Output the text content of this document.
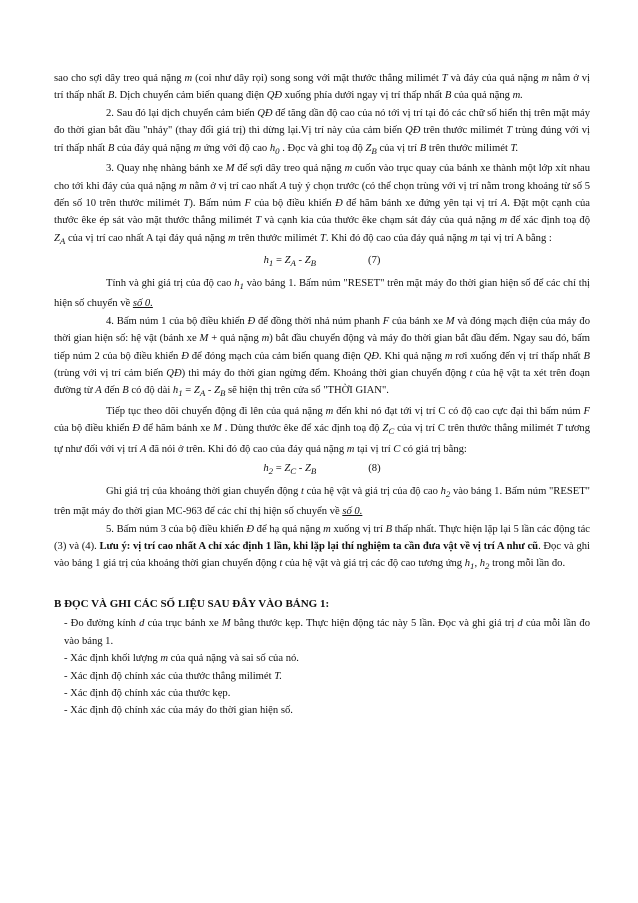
sao cho sợi dây treo quả nặng m (coi như dây rọi) song song với mặt thước thẳng milimét T và đáy của quả nặng m nằm ở vị trí thấp nhất B. Dịch chuyển cảm biến quang điện QĐ xuống phía dưới ngay vị trí thấp nhất B của quả nặng m.

2. Sau đó lại dịch chuyển cảm biến QĐ để tăng dần độ cao của nó tới vị trí tại đó các chữ số hiển thị trên mặt máy đo thời gian bắt đầu "nhảy" (thay đổi giá trị) thì dừng lại.Vị trí này của cảm biến QĐ trên thước milimét T trùng đúng với vị trí thấp nhất B của đáy quả nặng m ứng với độ cao $h_0$ . Đọc và ghi toạ độ $Z_B$ của vị trí B trên thước milimét T.

3. Quay nhẹ nhàng bánh xe M để sợi dây treo quả nặng m cuốn vào trục quay của bánh xe thành một lớp xít nhau cho tới khi đáy của quả nặng m nằm ở vị trí cao nhất A tuỳ ý chọn trước (có thể chọn trùng với vị trí nằm trong khoảng từ số 5 đến số 10 trên thước milimét T). Bấm núm F của bộ điều khiển Đ để hãm bánh xe đứng yên tại vị trí A. Đặt một cạnh của thước êke ép sát vào mặt thước thẳng milimét T và cạnh kia của thước êke chạm sát đáy của quả nặng m để xác định toạ độ $Z_A$ của vị trí cao nhất A tại đáy quả nặng m trên thước milimét T. Khi đó độ cao của đáy quả nặng m tại vị trí A bằng :

$h_1 = Z_A - Z_B$	(7)

Tính và ghi giá trị của độ cao $h_1$ vào bảng 1. Bấm núm "RESET" trên mặt máy đo thời gian hiện số để các chỉ thị hiện số chuyển về số 0.

4. Bấm núm 1 của bộ điều khiển Đ để đồng thời nhả núm phanh F của bánh xe M và đóng mạch điện của máy đo thời gian hiện số: hệ vật (bánh xe M + quả nặng m) bắt đầu chuyển động và máy đo thời gian bắt đầu đếm. Ngay sau đó, bấm tiếp núm 2 của bộ điều khiển Đ để đóng mạch của cảm biến quang điện QĐ. Khi quả nặng m rơi xuống đến vị trí thấp nhất B (trùng với vị trí cảm biến QĐ) thì máy đo thời gian ngừng đếm. Khoảng thời gian chuyển động t của hệ vật ta xét trên đoạn đường từ A đến B có độ dài $h_1 = Z_A - Z_B$ sẽ hiện thị trên cửa sổ "THỜI GIAN".

Tiếp tục theo dõi chuyển động đi lên của quả nặng m đến khi nó đạt tới vị trí C có độ cao cực đại thì bấm núm F của bộ điều khiển Đ để hãm bánh xe M . Dùng thước êke để xác định toạ độ $Z_C$ của vị trí C trên thước thẳng milimét T tương tự như đối với vị trí A đã nói ở trên. Khi đó độ cao của đáy quả nặng m tại vị trí C có giá trị bằng:

$h_2 = Z_C - Z_B$	(8)

Ghi giá trị của khoảng thời gian chuyển động t của hệ vật và giá trị của độ cao $h_2$ vào bảng 1. Bấm núm "RESET" trên mặt máy đo thời gian MC-963 để các chỉ thị hiện số chuyển về số 0.

5. Bấm núm 3 của bộ điều khiển Đ để hạ quả nặng m xuống vị trí B thấp nhất. Thực hiện lặp lại 5 lần các động tác (3) và (4). Lưu ý: vị trí cao nhất A chỉ xác định 1 lần, khi lặp lại thí nghiệm ta cần đưa vật về vị trí A như cũ. Đọc và ghi vào bảng 1 giá trị của khoảng thời gian chuyển động t của hệ vật và giá trị các độ cao tương ứng $h_1$, $h_2$ trong mỗi lần đo.

B ĐỌC VÀ GHI CÁC SỐ LIỆU SAU ĐÂY VÀO BẢNG 1:

- Đo đường kính d của trục bánh xe M bằng thước kẹp. Thực hiện động tác này 5 lần. Đọc và ghi giá trị d của mỗi lần đo vào bảng 1.

- Xác định khối lượng m của quả nặng và sai số của nó.

- Xác định độ chính xác của thước thẳng milimét T.

- Xác định độ chính xác của thước kẹp.

- Xác định độ chính xác của máy đo thời gian hiện số.
